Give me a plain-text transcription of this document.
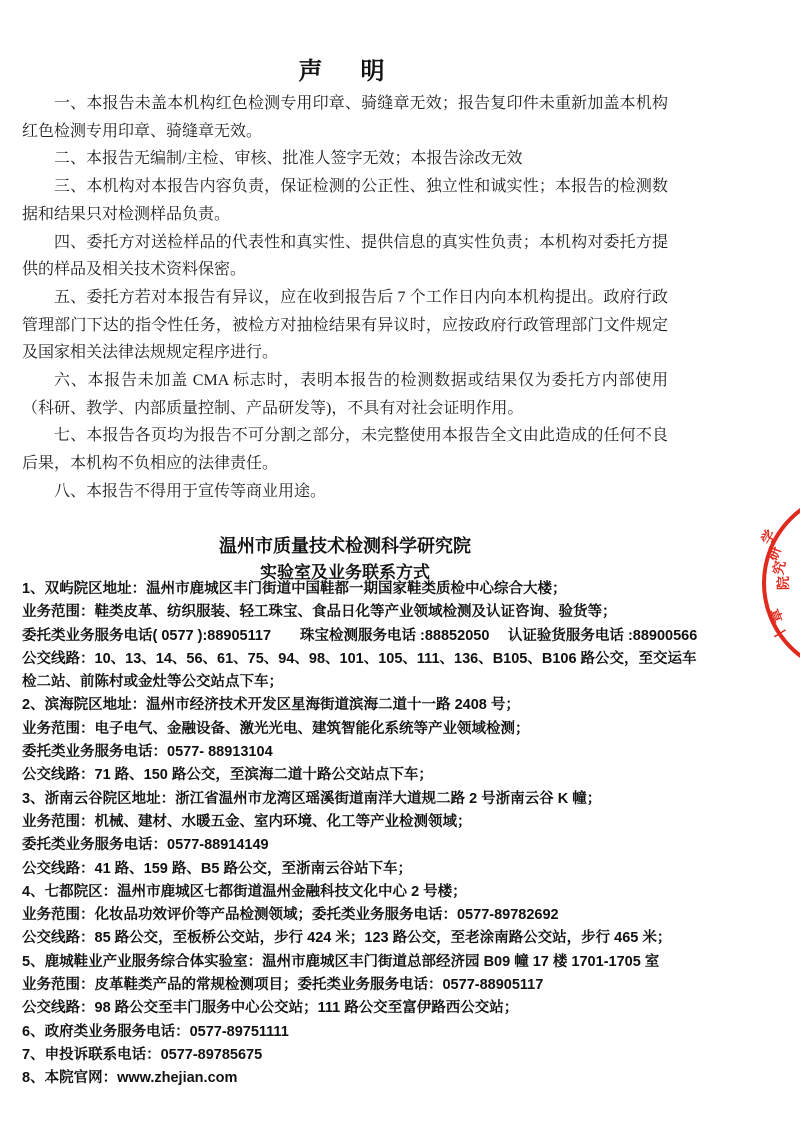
声　明

一、本报告未盖本机构红色检测专用印章、骑缝章无效；报告复印件未重新加盖本机构红色检测专用印章、骑缝章无效。

二、本报告无编制/主检、审核、批准人签字无效；本报告涂改无效

三、本机构对本报告内容负责，保证检测的公正性、独立性和诚实性；本报告的检测数据和结果只对检测样品负责。

四、委托方对送检样品的代表性和真实性、提供信息的真实性负责；本机构对委托方提供的样品及相关技术资料保密。

五、委托方若对本报告有异议，应在收到报告后 7 个工作日内向本机构提出。政府行政管理部门下达的指令性任务，被检方对抽检结果有异议时，应按政府行政管理部门文件规定及国家相关法律法规规定程序进行。

六、本报告未加盖 CMA 标志时，表明本报告的检测数据或结果仅为委托方内部使用（科研、教学、内部质量控制、产品研发等)，不具有对社会证明作用。

七、本报告各页均为报告不可分割之部分，未完整使用本报告全文由此造成的任何不良后果，本机构不负相应的法律责任。

八、本报告不得用于宣传等商业用途。

温州市质量技术检测科学研究院
实验室及业务联系方式
1、双屿院区地址：温州市鹿城区丰门街道中国鞋都一期国家鞋类质检中心综合大楼；
业务范围：鞋类皮革、纺织服装、轻工珠宝、食品日化等产业领域检测及认证咨询、验货等；
委托类业务服务电话( 0577 ):88905117　　珠宝检测服务电话 :88852050　 认证验货服务电话 :88900566
公交线路：10、13、14、56、61、75、94、98、101、105、111、136、B105、B106 路公交，至交运车
检二站、前陈村或金灶等公交站点下车；
2、滨海院区地址：温州市经济技术开发区星海街道滨海二道十一路 2408 号；
业务范围：电子电气、金融设备、激光光电、建筑智能化系统等产业领域检测；
委托类业务服务电话：0577- 88913104
公交线路：71 路、150 路公交，至滨海二道十路公交站点下车；
3、浙南云谷院区地址：浙江省温州市龙湾区瑶溪街道南洋大道规二路 2 号浙南云谷 K 幢；
业务范围：机械、建材、水暖五金、室内环境、化工等产业检测领域；
委托类业务服务电话：0577-88914149
公交线路：41 路、159 路、B5 路公交，至浙南云谷站下车；
4、七都院区：温州市鹿城区七都街道温州金融科技文化中心 2 号楼；
业务范围：化妆品功效评价等产品检测领域；委托类业务服务电话：0577-89782692
公交线路：85 路公交，至板桥公交站，步行 424 米；123 路公交，至老涂南路公交站，步行 465 米；
5、鹿城鞋业产业服务综合体实验室：温州市鹿城区丰门街道总部经济园 B09 幢 17 楼 1701-1705 室
业务范围：皮革鞋类产品的常规检测项目；委托类业务服务电话：0577-88905117
公交线路：98 路公交至丰门服务中心公交站；111 路公交至富伊路西公交站；
6、政府类业务服务电话：0577-89751111
7、申投诉联系电话：0577-89785675
8、本院官网：www.zhejian.com
学
研
究
院
章
十
